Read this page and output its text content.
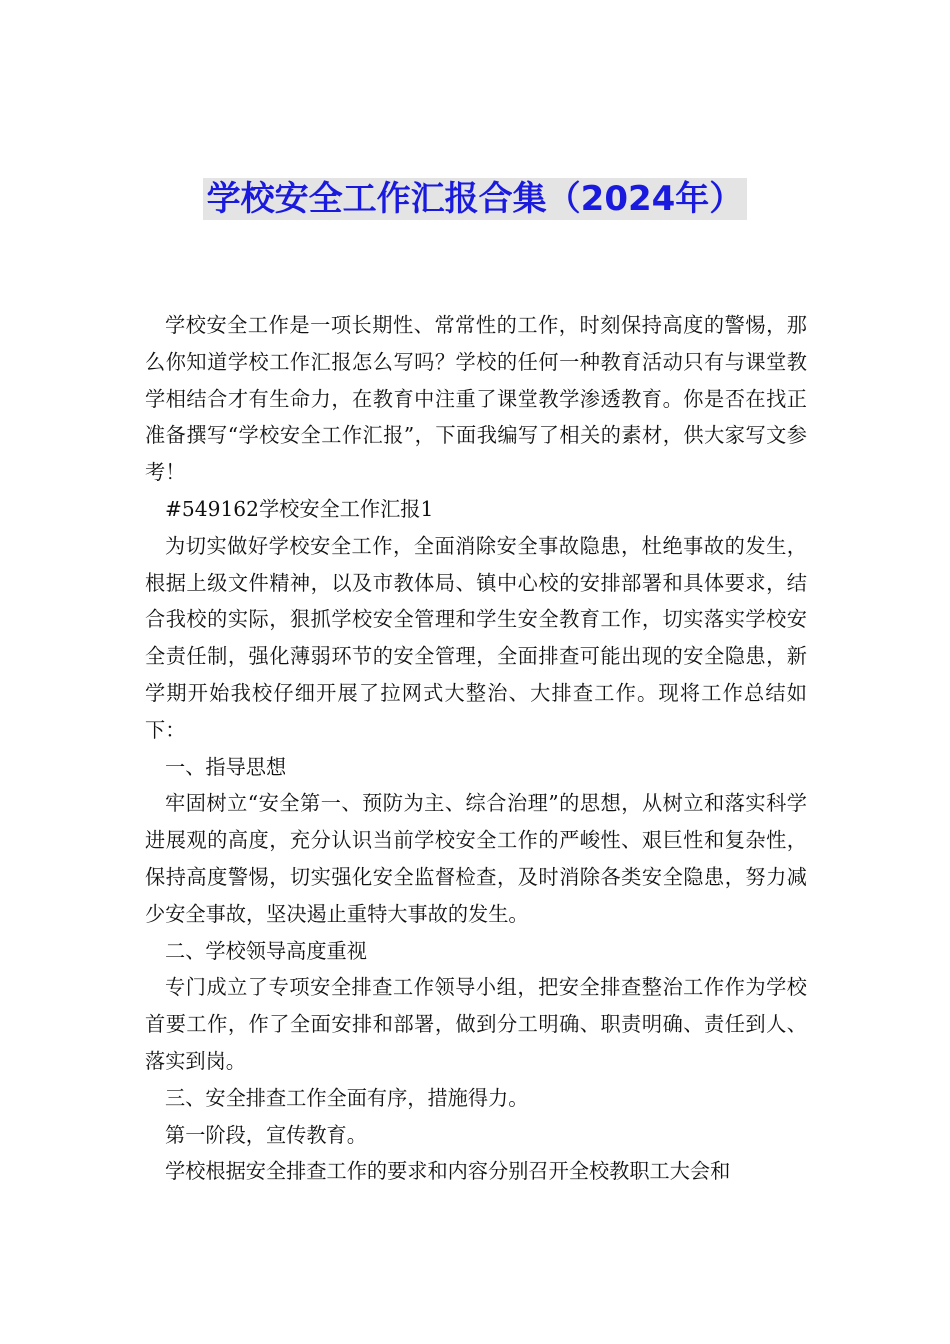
学校安全工作汇报合集（2024年）

学校安全工作是一项长期性、常常性的工作，时刻保持高度的警惕，那么你知道学校工作汇报怎么写吗？学校的任何一种教育活动只有与课堂教学相结合才有生命力，在教育中注重了课堂教学渗透教育。你是否在找正准备撰写“学校安全工作汇报”，下面我编写了相关的素材，供大家写文参考！

#549162学校安全工作汇报1

为切实做好学校安全工作，全面消除安全事故隐患，杜绝事故的发生，根据上级文件精神，以及市教体局、镇中心校的安排部署和具体要求，结合我校的实际，狠抓学校安全管理和学生安全教育工作，切实落实学校安全责任制，强化薄弱环节的安全管理，全面排查可能出现的安全隐患，新学期开始我校仔细开展了拉网式大整治、大排查工作。现将工作总结如下：

一、指导思想

牢固树立“安全第一、预防为主、综合治理”的思想，从树立和落实科学进展观的高度，充分认识当前学校安全工作的严峻性、艰巨性和复杂性，保持高度警惕，切实强化安全监督检查，及时消除各类安全隐患，努力减少安全事故，坚决遏止重特大事故的发生。

二、学校领导高度重视

专门成立了专项安全排查工作领导小组，把安全排查整治工作作为学校首要工作，作了全面安排和部署，做到分工明确、职责明确、责任到人、落实到岗。

三、安全排查工作全面有序，措施得力。

第一阶段，宣传教育。

学校根据安全排查工作的要求和内容分别召开全校教职工大会和
